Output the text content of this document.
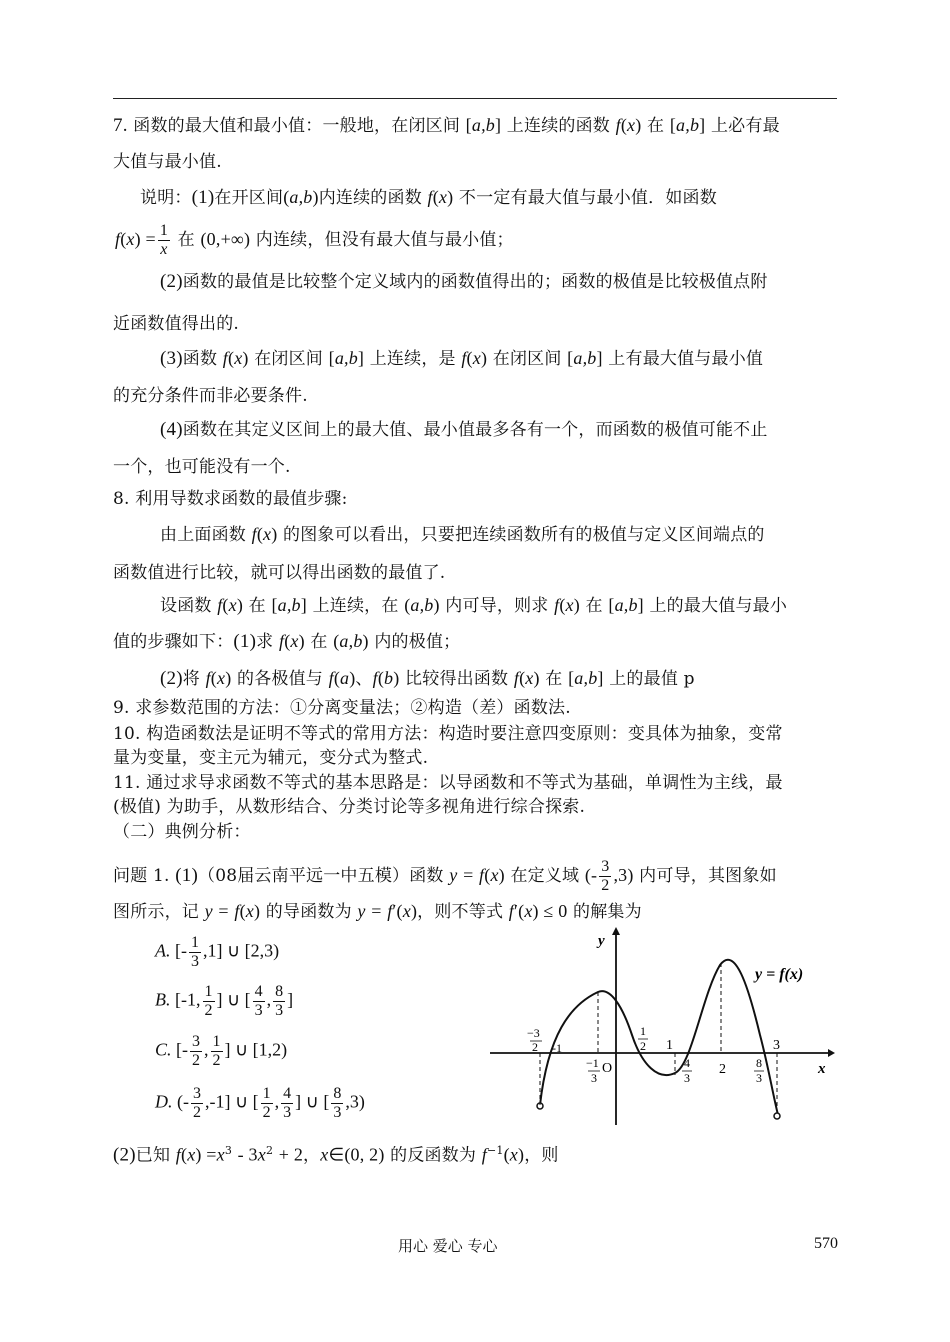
7. 函数的最大值和最小值：一般地，在闭区间 [a,b] 上连续的函数 f(x) 在 [a,b] 上必有最
大值与最小值.
说明：(1)在开区间(a,b)内连续的函数 f(x) 不一定有最大值与最小值．如函数
$f(x) = \frac{1}{x}$ 在 (0,+∞) 内连续，但没有最大值与最小值；
(2)函数的最值是比较整个定义域内的函数值得出的；函数的极值是比较极值点附
近函数值得出的.
(3)函数 f(x) 在闭区间 [a,b] 上连续，是 f(x) 在闭区间 [a,b] 上有最大值与最小值
的充分条件而非必要条件.
(4)函数在其定义区间上的最大值、最小值最多各有一个，而函数的极值可能不止
一个，也可能没有一个.
8. 利用导数求函数的最值步骤:
由上面函数 f(x) 的图象可以看出，只要把连续函数所有的极值与定义区间端点的
函数值进行比较，就可以得出函数的最值了.
设函数 f(x) 在 [a,b] 上连续，在 (a,b) 内可导，则求 f(x) 在 [a,b] 上的最大值与最小
值的步骤如下：(1)求 f(x) 在 (a,b) 内的极值；
(2)将 f(x) 的各极值与 f(a)、f(b) 比较得出函数 f(x) 在 [a,b] 上的最值 p
9. 求参数范围的方法：①分离变量法；②构造（差）函数法.
10. 构造函数法是证明不等式的常用方法：构造时要注意四变原则：变具体为抽象，变常
量为变量，变主元为辅元，变分式为整式.
11. 通过求导求函数不等式的基本思路是：以导函数和不等式为基础，单调性为主线，最
(极值) 为助手，从数形结合、分类讨论等多视角进行综合探索.
（二）典例分析：
问题 1. (1)（08届云南平远一中五模）函数 y = f(x) 在定义域 (- $\frac{3}{2} ,3$) 内可导，其图象如
图所示，记 y = f(x) 的导函数为 y = f′(x)，则不等式 f′(x) ≤ 0 的解集为
A. [- $\frac{1}{3} ,1$] ∪ [2,3)
B. [-1, $\frac{1}{2}$ ] ∪ [ $\frac{4}{3}$ , $\frac{8}{3}$ ]
C. [- $\frac{3}{2}$ , $\frac{1}{2}$ ] ∪ [1,2)
D. (- $\frac{3}{2} ,-1$] ∪ [ $\frac{1}{2}$ , $\frac{4}{3}$ ] ∪ [ $\frac{8}{3} ,3$)
y
x
y = f(x)
−3
2 -1
−1
3
O
1
2 1
4
3
2	8
3
3
(2)已知 $f(x) =x^3 - 3x^2 + 2$，x∈(0, 2) 的反函数为 $f^{-1}(x)$，则
用心 爱心 专心	570
